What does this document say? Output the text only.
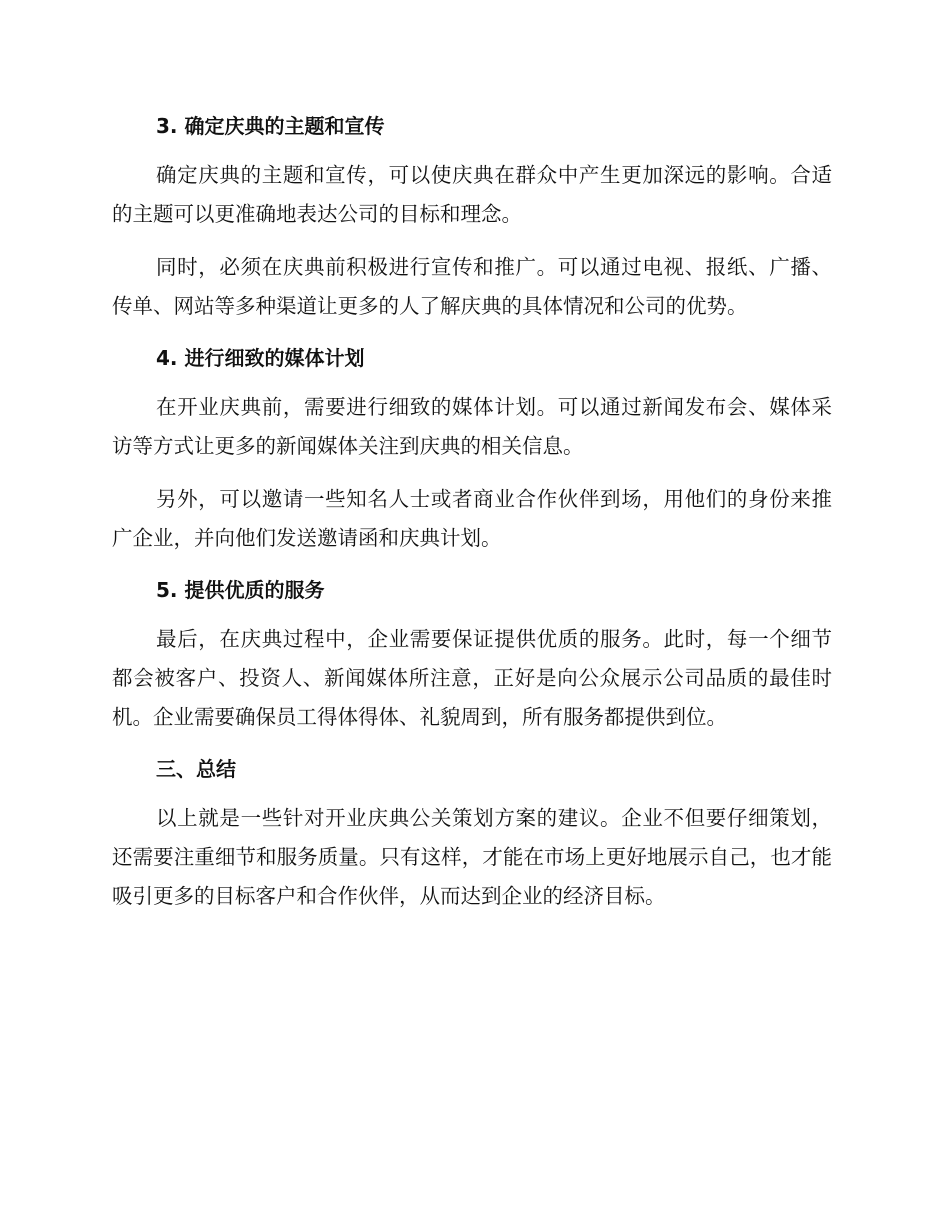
3. 确定庆典的主题和宣传

确定庆典的主题和宣传，可以使庆典在群众中产生更加深远的影响。合适的主题可以更准确地表达公司的目标和理念。

同时，必须在庆典前积极进行宣传和推广。可以通过电视、报纸、广播、传单、网站等多种渠道让更多的人了解庆典的具体情况和公司的优势。

4. 进行细致的媒体计划

在开业庆典前，需要进行细致的媒体计划。可以通过新闻发布会、媒体采访等方式让更多的新闻媒体关注到庆典的相关信息。

另外，可以邀请一些知名人士或者商业合作伙伴到场，用他们的身份来推广企业，并向他们发送邀请函和庆典计划。

5. 提供优质的服务

最后，在庆典过程中，企业需要保证提供优质的服务。此时，每一个细节都会被客户、投资人、新闻媒体所注意，正好是向公众展示公司品质的最佳时机。企业需要确保员工得体得体、礼貌周到，所有服务都提供到位。

三、总结

以上就是一些针对开业庆典公关策划方案的建议。企业不但要仔细策划，还需要注重细节和服务质量。只有这样，才能在市场上更好地展示自己，也才能吸引更多的目标客户和合作伙伴，从而达到企业的经济目标。
